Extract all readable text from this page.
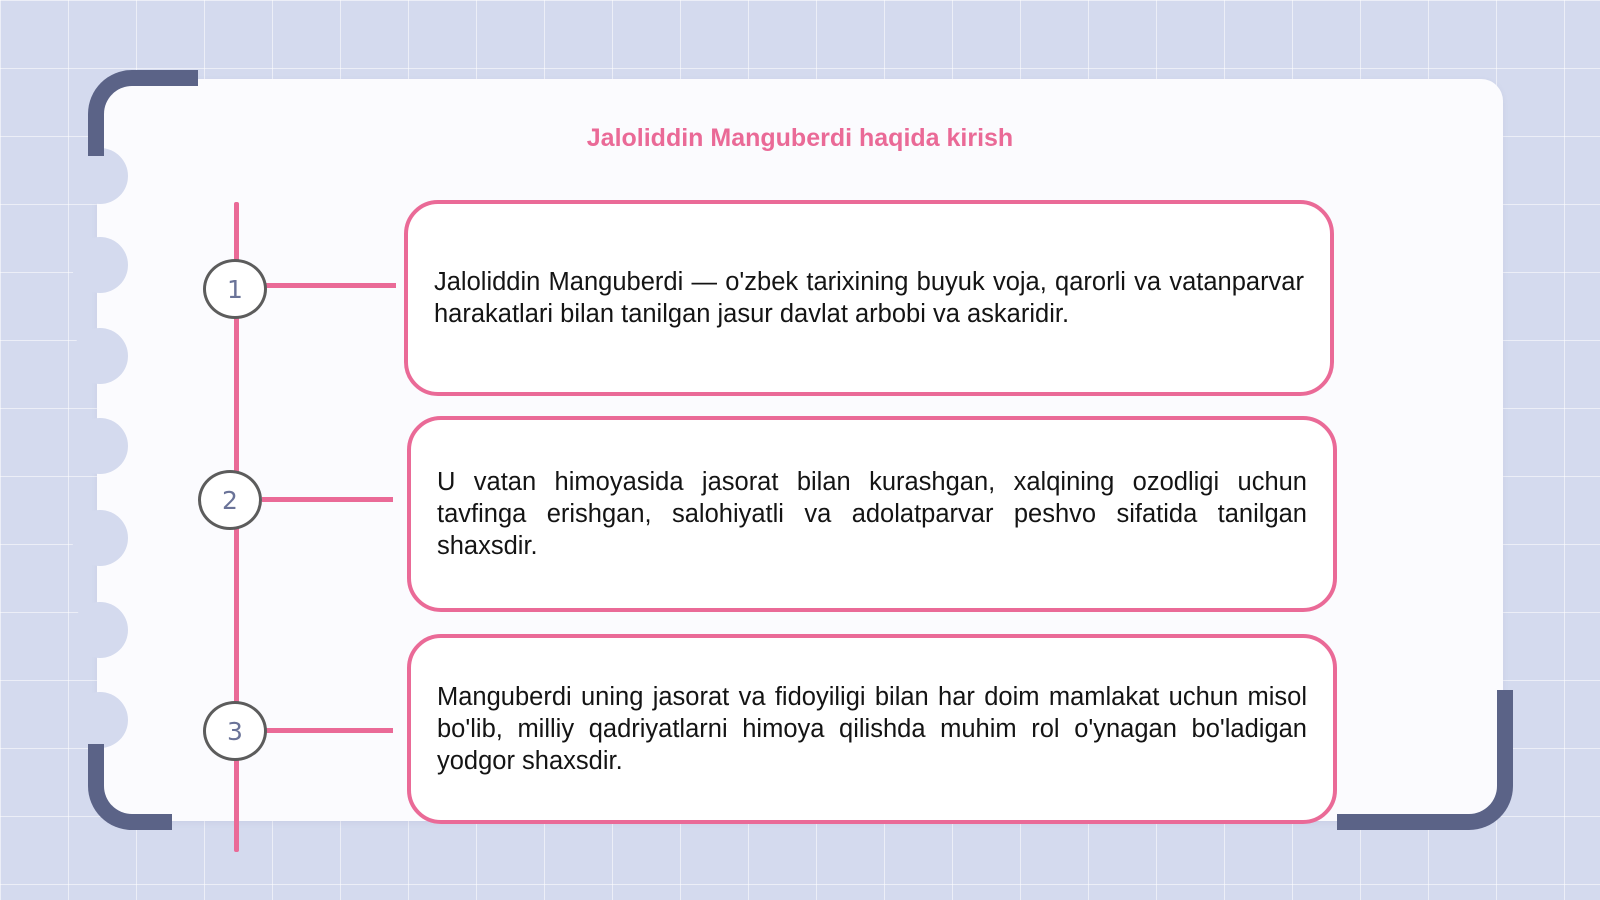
Jaloliddin Manguberdi haqida kirish
1	Jaloliddin Manguberdi — o'zbek tarixining buyuk voja, qarorli va vatanparvar harakatlari bilan tanilgan jasur davlat arbobi va askaridir.

2

U vatan himoyasida jasorat bilan kurashgan, xalqining ozodligi uchun tavfinga erishgan, salohiyatli va adolatparvar peshvo sifatida tanilgan shaxsdir.

3

Manguberdi uning jasorat va fidoyiligi bilan har doim mamlakat uchun misol bo'lib, milliy qadriyatlarni himoya qilishda muhim rol o'ynagan bo'ladigan yodgor shaxsdir.
